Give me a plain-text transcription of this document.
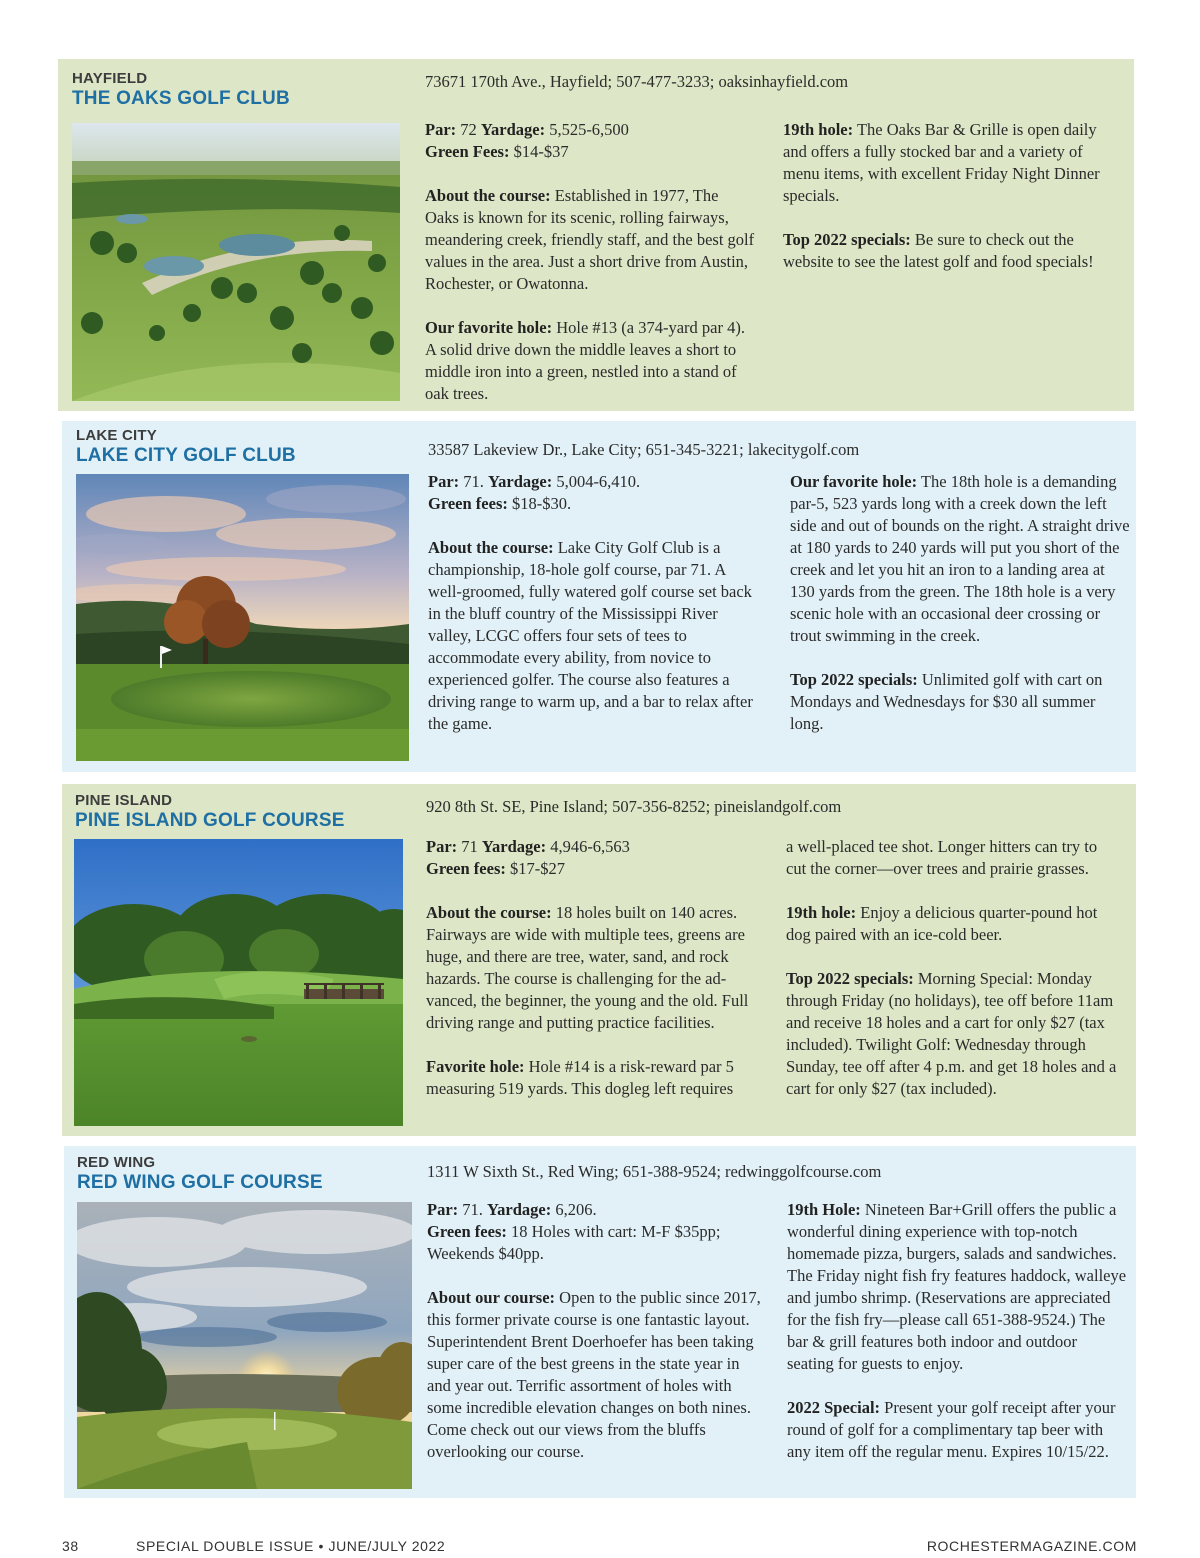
HAYFIELD
THE OAKS GOLF CLUB
73671 170th Ave., Hayfield; 507-477-3233; oaksinhayfield.com

Par: 72 Yardage: 5,525-6,500
Green Fees: $14-$37

About the course: Established in 1977, The Oaks is known for its scenic, rolling fairways, meandering creek, friendly staff, and the best golf values in the area. Just a short drive from Austin, Rochester, or Owatonna.

Our favorite hole: Hole #13 (a 374-yard par 4). A solid drive down the middle leaves a short to middle iron into a green, nestled into a stand of oak trees.

19th hole: The Oaks Bar & Grille is open daily and offers a fully stocked bar and a variety of menu items, with excellent Friday Night Dinner specials.

Top 2022 specials: Be sure to check out the website to see the latest golf and food specials!

LAKE CITY
LAKE CITY GOLF CLUB	33587 Lakeview Dr., Lake City; 651-345-3221; lakecitygolf.com

Par: 71. Yardage: 5,004-6,410.
Green fees: $18-$30.

About the course: Lake City Golf Club is a championship, 18-hole golf course, par 71. A well-groomed, fully watered golf course set back in the bluff country of the Mississippi River valley, LCGC offers four sets of tees to accommodate every ability, from novice to experienced golfer. The course also features a driving range to warm up, and a bar to relax after the game.

Our favorite hole: The 18th hole is a demanding par-5, 523 yards long with a creek down the left side and out of bounds on the right. A straight drive at 180 yards to 240 yards will put you short of the creek and let you hit an iron to a landing area at 130 yards from the green. The 18th hole is a very scenic hole with an occasional deer crossing or trout swimming in the creek.

Top 2022 specials: Unlimited golf with cart on Mondays and Wednesdays for $30 all summer long.

PINE ISLAND
PINE ISLAND GOLF COURSE
920 8th St. SE, Pine Island; 507-356-8252; pineislandgolf.com

Par: 71 Yardage: 4,946-6,563
Green fees: $17-$27

About the course: 18 holes built on 140 acres. Fairways are wide with multiple tees, greens are huge, and there are tree, water, sand, and rock hazards. The course is challenging for the ad-vanced, the beginner, the young and the old. Full driving range and putting practice facilities.

Favorite hole: Hole #14 is a risk-reward par 5 measuring 519 yards. This dogleg left requires

a well-placed tee shot. Longer hitters can try to cut the corner—over trees and prairie grasses.

19th hole: Enjoy a delicious quarter-pound hot dog paired with an ice-cold beer.

Top 2022 specials: Morning Special: Monday through Friday (no holidays), tee off before 11am and receive 18 holes and a cart for only $27 (tax included). Twilight Golf: Wednesday through Sunday, tee off after 4 p.m. and get 18 holes and a cart for only $27 (tax included).

RED WING
RED WING GOLF COURSE
1311 W Sixth St., Red Wing; 651-388-9524; redwinggolfcourse.com

Par: 71. Yardage: 6,206.
Green fees: 18 Holes with cart: M-F $35pp; Weekends $40pp.

About our course: Open to the public since 2017, this former private course is one fantastic layout. Superintendent Brent Doerhoefer has been taking super care of the best greens in the state year in and year out. Terrific assortment of holes with some incredible elevation changes on both nines. Come check out our views from the bluffs overlooking our course.

19th Hole: Nineteen Bar+Grill offers the public a wonderful dining experience with top-notch homemade pizza, burgers, salads and sandwiches. The Friday night fish fry features haddock, walleye and jumbo shrimp. (Reservations are appreciated for the fish fry—please call 651-388-9524.) The bar & grill features both indoor and outdoor seating for guests to enjoy.

2022 Special: Present your golf receipt after your round of golf for a complimentary tap beer with any item off the regular menu. Expires 10/15/22.

38	SPECIAL DOUBLE ISSUE • JUNE/JULY 2022	ROCHESTERMAGAZINE.COM
